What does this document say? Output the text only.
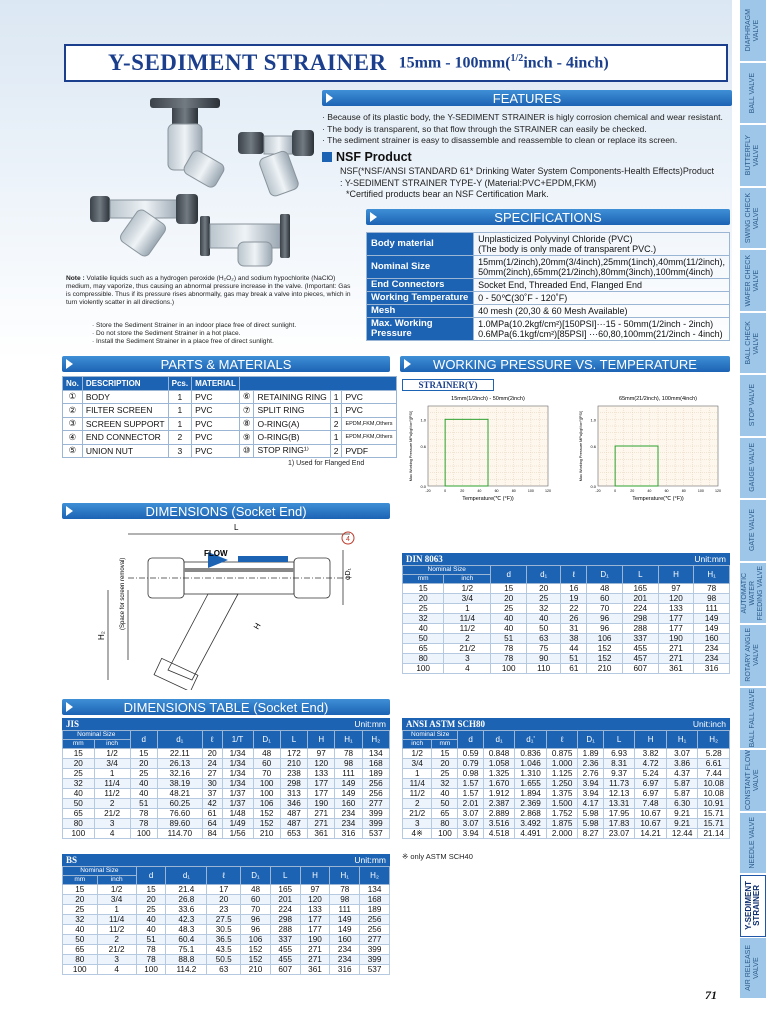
DIAPHRAGM
VALVE
BALL VALVE
BUTTERFLY
VALVE
SWING CHECK
VALVE
WAFER CHECK
VALVE
BALL CHECK VALVE
STOP VALVE
GAUGE VALVE
GATE VALVE
AUTOMATIC WATER
FEEDING VALVE
ROTARY ANGLE
VALVE
BALL FALL VALVE
CONSTANT FLOW
VALVE
NEEDLE VALVE
Y-SEDIMENT
STRAINER
AIR RELEASE
VALVE
Y-SEDIMENT STRAINER 15mm - 100mm($^{1/2}$inch - 4inch)
FEATURES
· Because of its plastic body, the Y-SEDIMENT STRAINER is higly corrosion chemical and wear resistant.
· The body is transparent, so that flow through the STRAINER can easily be checked.
· The sediment strainer is easy to disassemble and reassemble to clean or replace its screen.
NSF Product
NSF(*NSF/ANSI STANDARD 61* Drinking Water System Components-Health Effects)Product
: Y-SEDIMENT STRAINER TYPE-Y (Material:PVC+EPDM,FKM)
*Certified products bear an NSF Certification Mark.
SPECIFICATIONS
Body material	Unplasticized Polyvinyl Chloride (PVC)
(The body is only made of transparent PVC.)
Nominal Size	15mm(1/2inch),20mm(3/4inch),25mm(1inch),40mm(11/2inch),
50mm(2inch),65mm(21/2inch),80mm(3inch),100mm(4inch)
End Connectors	Socket End, Threaded End, Flanged End
Working Temperature	0 - 50℃(30˚F - 120˚F)
Mesh	40 mesh (20,30 & 60 Mesh Available)
Max. Working Pressure	1.0MPa(10.2kgf/cm²)[150PSI]···15 - 50mm(1/2inch - 2inch)
0.6MPa(6.1kgf/cm²)[85PSI] ···60,80,100mm(21/2inch - 4inch)
Note : Volatile liquids such as a hydrogen peroxide (H₂O₂) and sodium hypochlorite (NaClO) medium, may vaporize, thus causing an abnormal pressure increase in the valve. (Important: Gas is compressible. Thus if its pressure rises abnormally, gas may break a valve into pieces, which in turn violently scatter in all directions.)
· Store the Sediment Strainer in an indoor place free of direct sunlight.
· Do not store the Sediment Strainer in a hot place.
· Install the Sediment Strainer in a place free of direct sunlight.
PARTS & MATERIALS
No.	DESCRIPTION	Pcs.	MATERIAL				
①	BODY	1	PVC	⑥	RETAINING RING	1	PVC
②	FILTER SCREEN	1	PVC	⑦	SPLIT RING	1	PVC
③	SCREEN SUPPORT	1	PVC	⑧	O-RING(A)	2	EPDM,FKM,Others
④	END CONNECTOR	2	PVC	⑨	O-RING(B)	1	EPDM,FKM,Others
⑤	UNION NUT	3	PVC	⑩	STOP RING¹⁾	2	PVDF
1) Used for Flanged End
WORKING PRESSURE VS. TEMPERATURE
15mm(1/2inch) - 50mm(2inch)
Temperature(℃ (°F))
Max Working Pressure MPa(kgf/cm²)[PSI]
0.0
0.6
1.0
-20	0	20	40	60	80	100	120
65mm(21/2inch), 100mm(4inch)
Temperature(℃ (°F))
Max Working Pressure MPa(kgf/cm²)[PSI]
0.0
0.6
1.0
-20	0	20	40	60	80	100	120
STRAINER(Y)
DIMENSIONS (Socket End)
4
L
FLOW
H₂
(Space for screen removal)	H
φD₁
DIMENSIONS TABLE (Socket End)
DIN 8063	Unit:mm
Nominal Size		d	d₁	ℓ	D₁	L	H	H₁
mm	inch							
15	1/2	15	20	16	48	165	97	78
20	3/4	20	25	19	60	201	120	98
25	1	25	32	22	70	224	133	111
32	11/4	40	40	26	96	298	177	149
40	11/2	40	50	31	96	288	177	149
50	2	51	63	38	106	337	190	160
65	21/2	78	75	44	152	455	271	234
80	3	78	90	51	152	457	271	234
100	4	100	110	61	210	607	361	316
JIS	Unit:mm
Nominal Size		d	d₁	ℓ	1/T	D₁	L	H	H₁	H₂
mm	inch									
15	1/2	15	22.11	20	1/34	48	172	97	78	134
20	3/4	20	26.13	24	1/34	60	210	120	98	168
25	1	25	32.16	27	1/34	70	238	133	111	189
32	11/4	40	38.19	30	1/34	100	298	177	149	256
40	11/2	40	48.21	37	1/37	100	313	177	149	256
50	2	51	60.25	42	1/37	106	346	190	160	277
65	21/2	78	76.60	61	1/48	152	487	271	234	399
80	3	78	89.60	64	1/49	152	487	271	234	399
100	4	100	114.70	84	1/56	210	653	361	316	537
ANSI ASTM SCH80	Unit:inch
Nominal Size		d	d₁	d₁'	ℓ	D₁	L	H	H₁	H₂
inch	mm									
1/2	15	0.59	0.848	0.836	0.875	1.89	6.93	3.82	3.07	5.28
3/4	20	0.79	1.058	1.046	1.000	2.36	8.31	4.72	3.86	6.61
1	25	0.98	1.325	1.310	1.125	2.76	9.37	5.24	4.37	7.44
11/4	32	1.57	1.670	1.655	1.250	3.94	11.73	6.97	5.87	10.08
11/2	40	1.57	1.912	1.894	1.375	3.94	12.13	6.97	5.87	10.08
2	50	2.01	2.387	2.369	1.500	4.17	13.31	7.48	6.30	10.91
21/2	65	3.07	2.889	2.868	1.752	5.98	17.95	10.67	9.21	15.71
3	80	3.07	3.516	3.492	1.875	5.98	17.83	10.67	9.21	15.71
4※	100	3.94	4.518	4.491	2.000	8.27	23.07	14.21	12.44	21.14
※ only ASTM SCH40
BS	Unit:mm
Nominal Size		d	d₁	ℓ	D₁	L	H	H₁	H₂
mm	inch								
15	1/2	15	21.4	17	48	165	97	78	134
20	3/4	20	26.8	20	60	201	120	98	168
25	1	25	33.6	23	70	224	133	111	189
32	11/4	40	42.3	27.5	96	298	177	149	256
40	11/2	40	48.3	30.5	96	288	177	149	256
50	2	51	60.4	36.5	106	337	190	160	277
65	21/2	78	75.1	43.5	152	455	271	234	399
80	3	78	88.8	50.5	152	455	271	234	399
100	4	100	114.2	63	210	607	361	316	537
71
